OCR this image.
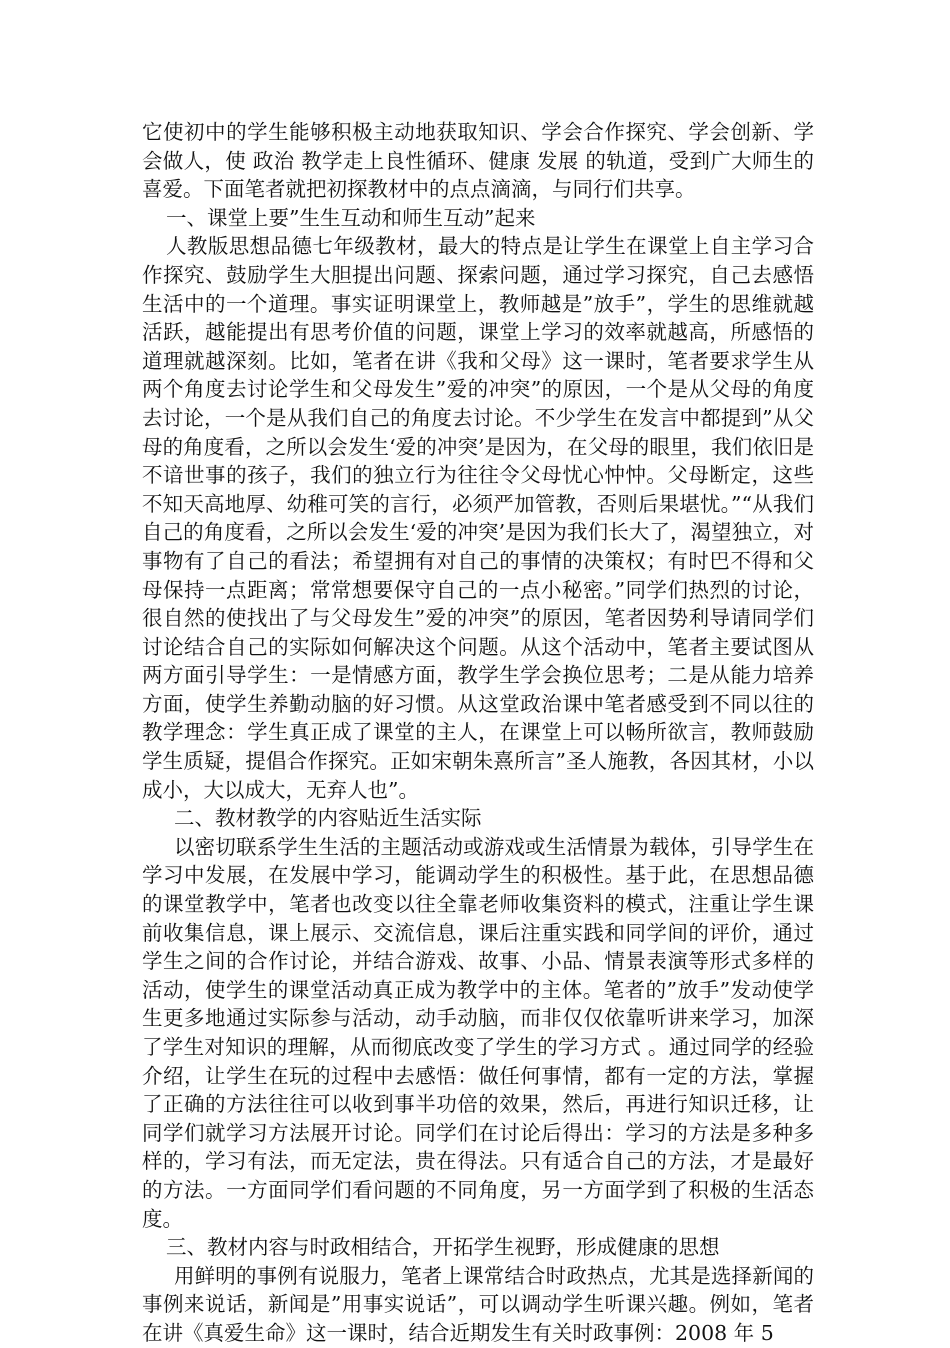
它使初中的学生能够积极主动地获取知识、学会合作探究、学会创新、学会做人，使 政治 教学走上良性循环、健康 发展 的轨道，受到广大师生的喜爱。下面笔者就把初探教材中的点点滴滴，与同行们共享。

一、课堂上要”生生互动和师生互动”起来

人教版思想品德七年级教材，最大的特点是让学生在课堂上自主学习合作探究、鼓励学生大胆提出问题、探索问题，通过学习探究，自己去感悟生活中的一个道理。事实证明课堂上，教师越是”放手”，学生的思维就越活跃，越能提出有思考价值的问题，课堂上学习的效率就越高，所感悟的道理就越深刻。比如，笔者在讲《我和父母》这一课时，笔者要求学生从两个角度去讨论学生和父母发生”爱的冲突”的原因，一个是从父母的角度去讨论，一个是从我们自己的角度去讨论。不少学生在发言中都提到”从父母的角度看，之所以会发生‘爱的冲突’是因为，在父母的眼里，我们依旧是不谙世事的孩子，我们的独立行为往往令父母忧心忡忡。父母断定，这些不知天高地厚、幼稚可笑的言行，必须严加管教，否则后果堪忧。”“从我们自己的角度看，之所以会发生‘爱的冲突’是因为我们长大了，渴望独立，对事物有了自己的看法；希望拥有对自己的事情的决策权；有时巴不得和父母保持一点距离；常常想要保守自己的一点小秘密。”同学们热烈的讨论，很自然的使找出了与父母发生”爱的冲突”的原因，笔者因势利导请同学们讨论结合自己的实际如何解决这个问题。从这个活动中，笔者主要试图从两方面引导学生：一是情感方面，教学生学会换位思考；二是从能力培养方面，使学生养勤动脑的好习惯。从这堂政治课中笔者感受到不同以往的教学理念：学生真正成了课堂的主人，在课堂上可以畅所欲言，教师鼓励学生质疑，提倡合作探究。正如宋朝朱熹所言”圣人施教，各因其材，小以成小，大以成大，无弃人也”。

二、教材教学的内容贴近生活实际

以密切联系学生生活的主题活动或游戏或生活情景为载体，引导学生在学习中发展，在发展中学习，能调动学生的积极性。基于此，在思想品德的课堂教学中，笔者也改变以往全靠老师收集资料的模式，注重让学生课前收集信息，课上展示、交流信息，课后注重实践和同学间的评价，通过学生之间的合作讨论，并结合游戏、故事、小品、情景表演等形式多样的活动，使学生的课堂活动真正成为教学中的主体。笔者的”放手”发动使学生更多地通过实际参与活动，动手动脑，而非仅仅依靠听讲来学习，加深了学生对知识的理解，从而彻底改变了学生的学习方式 。通过同学的经验介绍，让学生在玩的过程中去感悟：做任何事情，都有一定的方法，掌握了正确的方法往往可以收到事半功倍的效果，然后，再进行知识迁移，让同学们就学习方法展开讨论。同学们在讨论后得出：学习的方法是多种多样的，学习有法，而无定法，贵在得法。只有适合自己的方法，才是最好的方法。一方面同学们看问题的不同角度，另一方面学到了积极的生活态度。

三、教材内容与时政相结合，开拓学生视野，形成健康的思想

用鲜明的事例有说服力，笔者上课常结合时政热点，尤其是选择新闻的事例来说话，新闻是”用事实说话”，可以调动学生听课兴趣。例如，笔者在讲《真爱生命》这一课时，结合近期发生有关时政事例：2008 年 5
